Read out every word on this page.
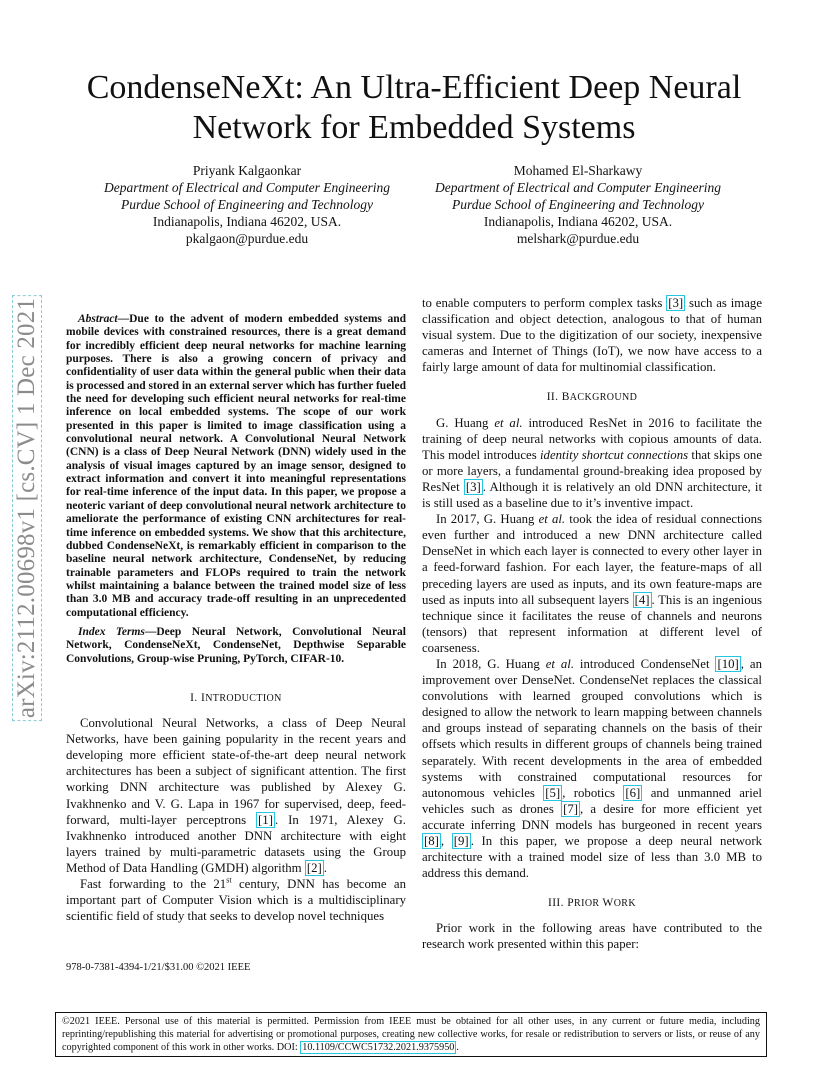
CondenseNeXt: An Ultra-Efficient Deep Neural Network for Embedded Systems
Priyank Kalgaonkar
Department of Electrical and Computer Engineering
Purdue School of Engineering and Technology
Indianapolis, Indiana 46202, USA.
pkalgaon@purdue.edu
Mohamed El-Sharkawy
Department of Electrical and Computer Engineering
Purdue School of Engineering and Technology
Indianapolis, Indiana 46202, USA.
melshark@purdue.edu
arXiv:2112.00698v1 [cs.CV] 1 Dec 2021	Abstract—Due to the advent of modern embedded systems and mobile devices with constrained resources, there is a great demand for incredibly efficient deep neural networks for machine learning purposes. There is also a growing concern of privacy and confidentiality of user data within the general public when their data is processed and stored in an external server which has further fueled the need for developing such efficient neural networks for real-time inference on local embedded systems. The scope of our work presented in this paper is limited to image classification using a convolutional neural network. A Convolutional Neural Network (CNN) is a class of Deep Neural Network (DNN) widely used in the analysis of visual images captured by an image sensor, designed to extract information and convert it into meaningful representations for real-time inference of the input data. In this paper, we propose a neoteric variant of deep convolutional neural network architecture to ameliorate the performance of existing CNN architectures for real-time inference on embedded systems. We show that this architecture, dubbed CondenseNeXt, is remarkably efficient in comparison to the baseline neural network architecture, CondenseNet, by reducing trainable parameters and FLOPs required to train the network whilst maintaining a balance between the trained model size of less than 3.0 MB and accuracy trade-off resulting in an unprecedented computational efficiency.

Index Terms—Deep Neural Network, Convolutional Neural Network, CondenseNeXt, CondenseNet, Depthwise Separable Convolutions, Group-wise Pruning, PyTorch, CIFAR-10.

I. INTRODUCTION

Convolutional Neural Networks, a class of Deep Neural Networks, have been gaining popularity in the recent years and developing more efficient state-of-the-art deep neural network architectures has been a subject of significant attention. The first working DNN architecture was published by Alexey G. Ivakhnenko and V. G. Lapa in 1967 for supervised, deep, feed-forward, multi-layer perceptrons [1] . In 1971, Alexey G. Ivakhnenko introduced another DNN architecture with eight layers trained by multi-parametric datasets using the Group Method of Data Handling (GMDH) algorithm [2] .

Fast forwarding to the 21st century, DNN has become an important part of Computer Vision which is a multidisciplinary scientific field of study that seeks to develop novel techniques

to enable computers to perform complex tasks [3] such as image classification and object detection, analogous to that of human visual system. Due to the digitization of our society, inexpensive cameras and Internet of Things (IoT), we now have access to a fairly large amount of data for multinomial classification.

II. BACKGROUND

G. Huang et al. introduced ResNet in 2016 to facilitate the training of deep neural networks with copious amounts of data. This model introduces identity shortcut connections that skips one or more layers, a fundamental ground-breaking idea proposed by ResNet [3] . Although it is relatively an old DNN architecture, it is still used as a baseline due to it’s inventive impact.

In 2017, G. Huang et al. took the idea of residual connections even further and introduced a new DNN architecture called DenseNet in which each layer is connected to every other layer in a feed-forward fashion. For each layer, the feature-maps of all preceding layers are used as inputs, and its own feature-maps are used as inputs into all subsequent layers [4] . This is an ingenious technique since it facilitates the reuse of channels and neurons (tensors) that represent information at different level of coarseness.

In 2018, G. Huang et al. introduced CondenseNet [10] , an improvement over DenseNet. CondenseNet replaces the classical convolutions with learned grouped convolutions which is designed to allow the network to learn mapping between channels and groups instead of separating channels on the basis of their offsets which results in different groups of channels being trained separately. With recent developments in the area of embedded systems with constrained computational resources for autonomous vehicles [5] , robotics [6] and unmanned ariel vehicles such as drones [7] , a desire for more efficient yet accurate inferring DNN models has burgeoned in recent years [8] , [9] . In this paper, we propose a deep neural network architecture with a trained model size of less than 3.0 MB to address this demand.

III. PRIOR WORK

Prior work in the following areas have contributed to the research work presented within this paper:

978-0-7381-4394-1/21/$31.00 ©2021 IEEE
©2021 IEEE. Personal use of this material is permitted. Permission from IEEE must be obtained for all other uses, in any current or future media, including reprinting/republishing this material for advertising or promotional purposes, creating new collective works, for resale or redistribution to servers or lists, or reuse of any copyrighted component of this work in other works. DOI: 10.1109/CCWC51732.2021.9375950 .
